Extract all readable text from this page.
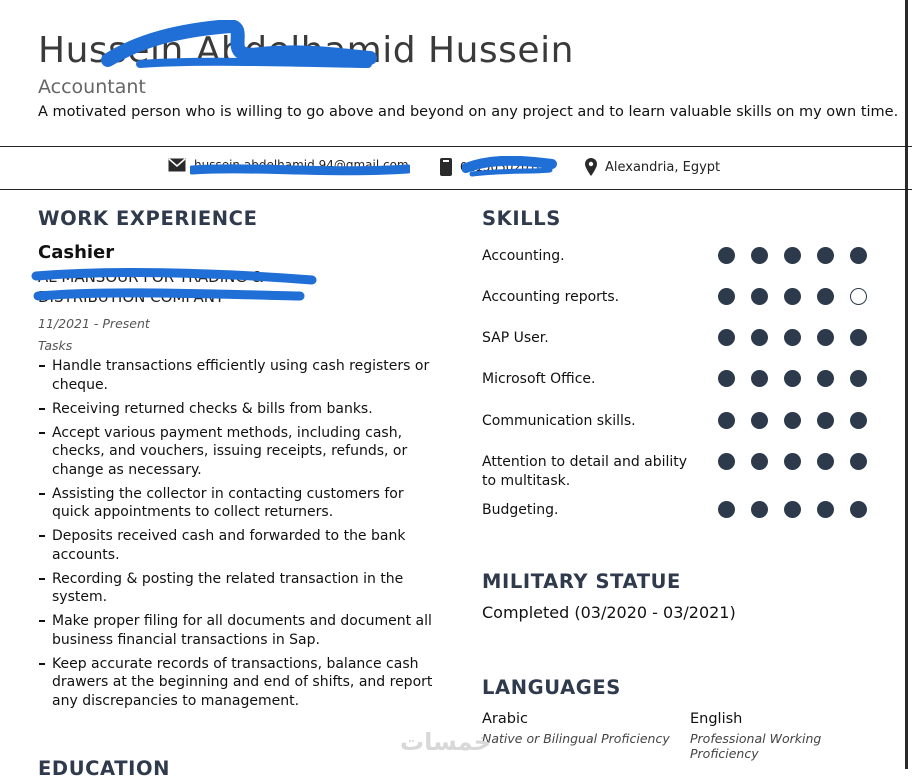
Hussein Abdelhamid Hussein
Accountant
A motivated person who is willing to go above and beyond on any project and to learn valuable skills on my own time.
hussein.abdelhamid.94@gmail.com	01150502010	Alexandria, Egypt
WORK EXPERIENCE
Cashier
AL MANSOUR FOR TRADING & DISTRIBUTION COMPANY
11/2021 - Present
Tasks
Handle transactions efficiently using cash registers or cheque.
Receiving returned checks & bills from banks.
Accept various payment methods, including cash, checks, and vouchers, issuing receipts, refunds, or change as necessary.
Assisting the collector in contacting customers for quick appointments to collect returners.
Deposits received cash and forwarded to the bank accounts.
Recording & posting the related transaction in the system.
Make proper filing for all documents and document all business financial transactions in Sap.
Keep accurate records of transactions, balance cash drawers at the beginning and end of shifts, and report any discrepancies to management.
EDUCATION
SKILLS
Accounting.
Accounting reports.
SAP User.
Microsoft Office.
Communication skills.
Attention to detail and ability to multitask.
Budgeting.
MILITARY STATUE
Completed (03/2020 - 03/2021)
LANGUAGES
Arabic
Native or Bilingual Proficiency
English
Professional Working Proficiency
خمسات
